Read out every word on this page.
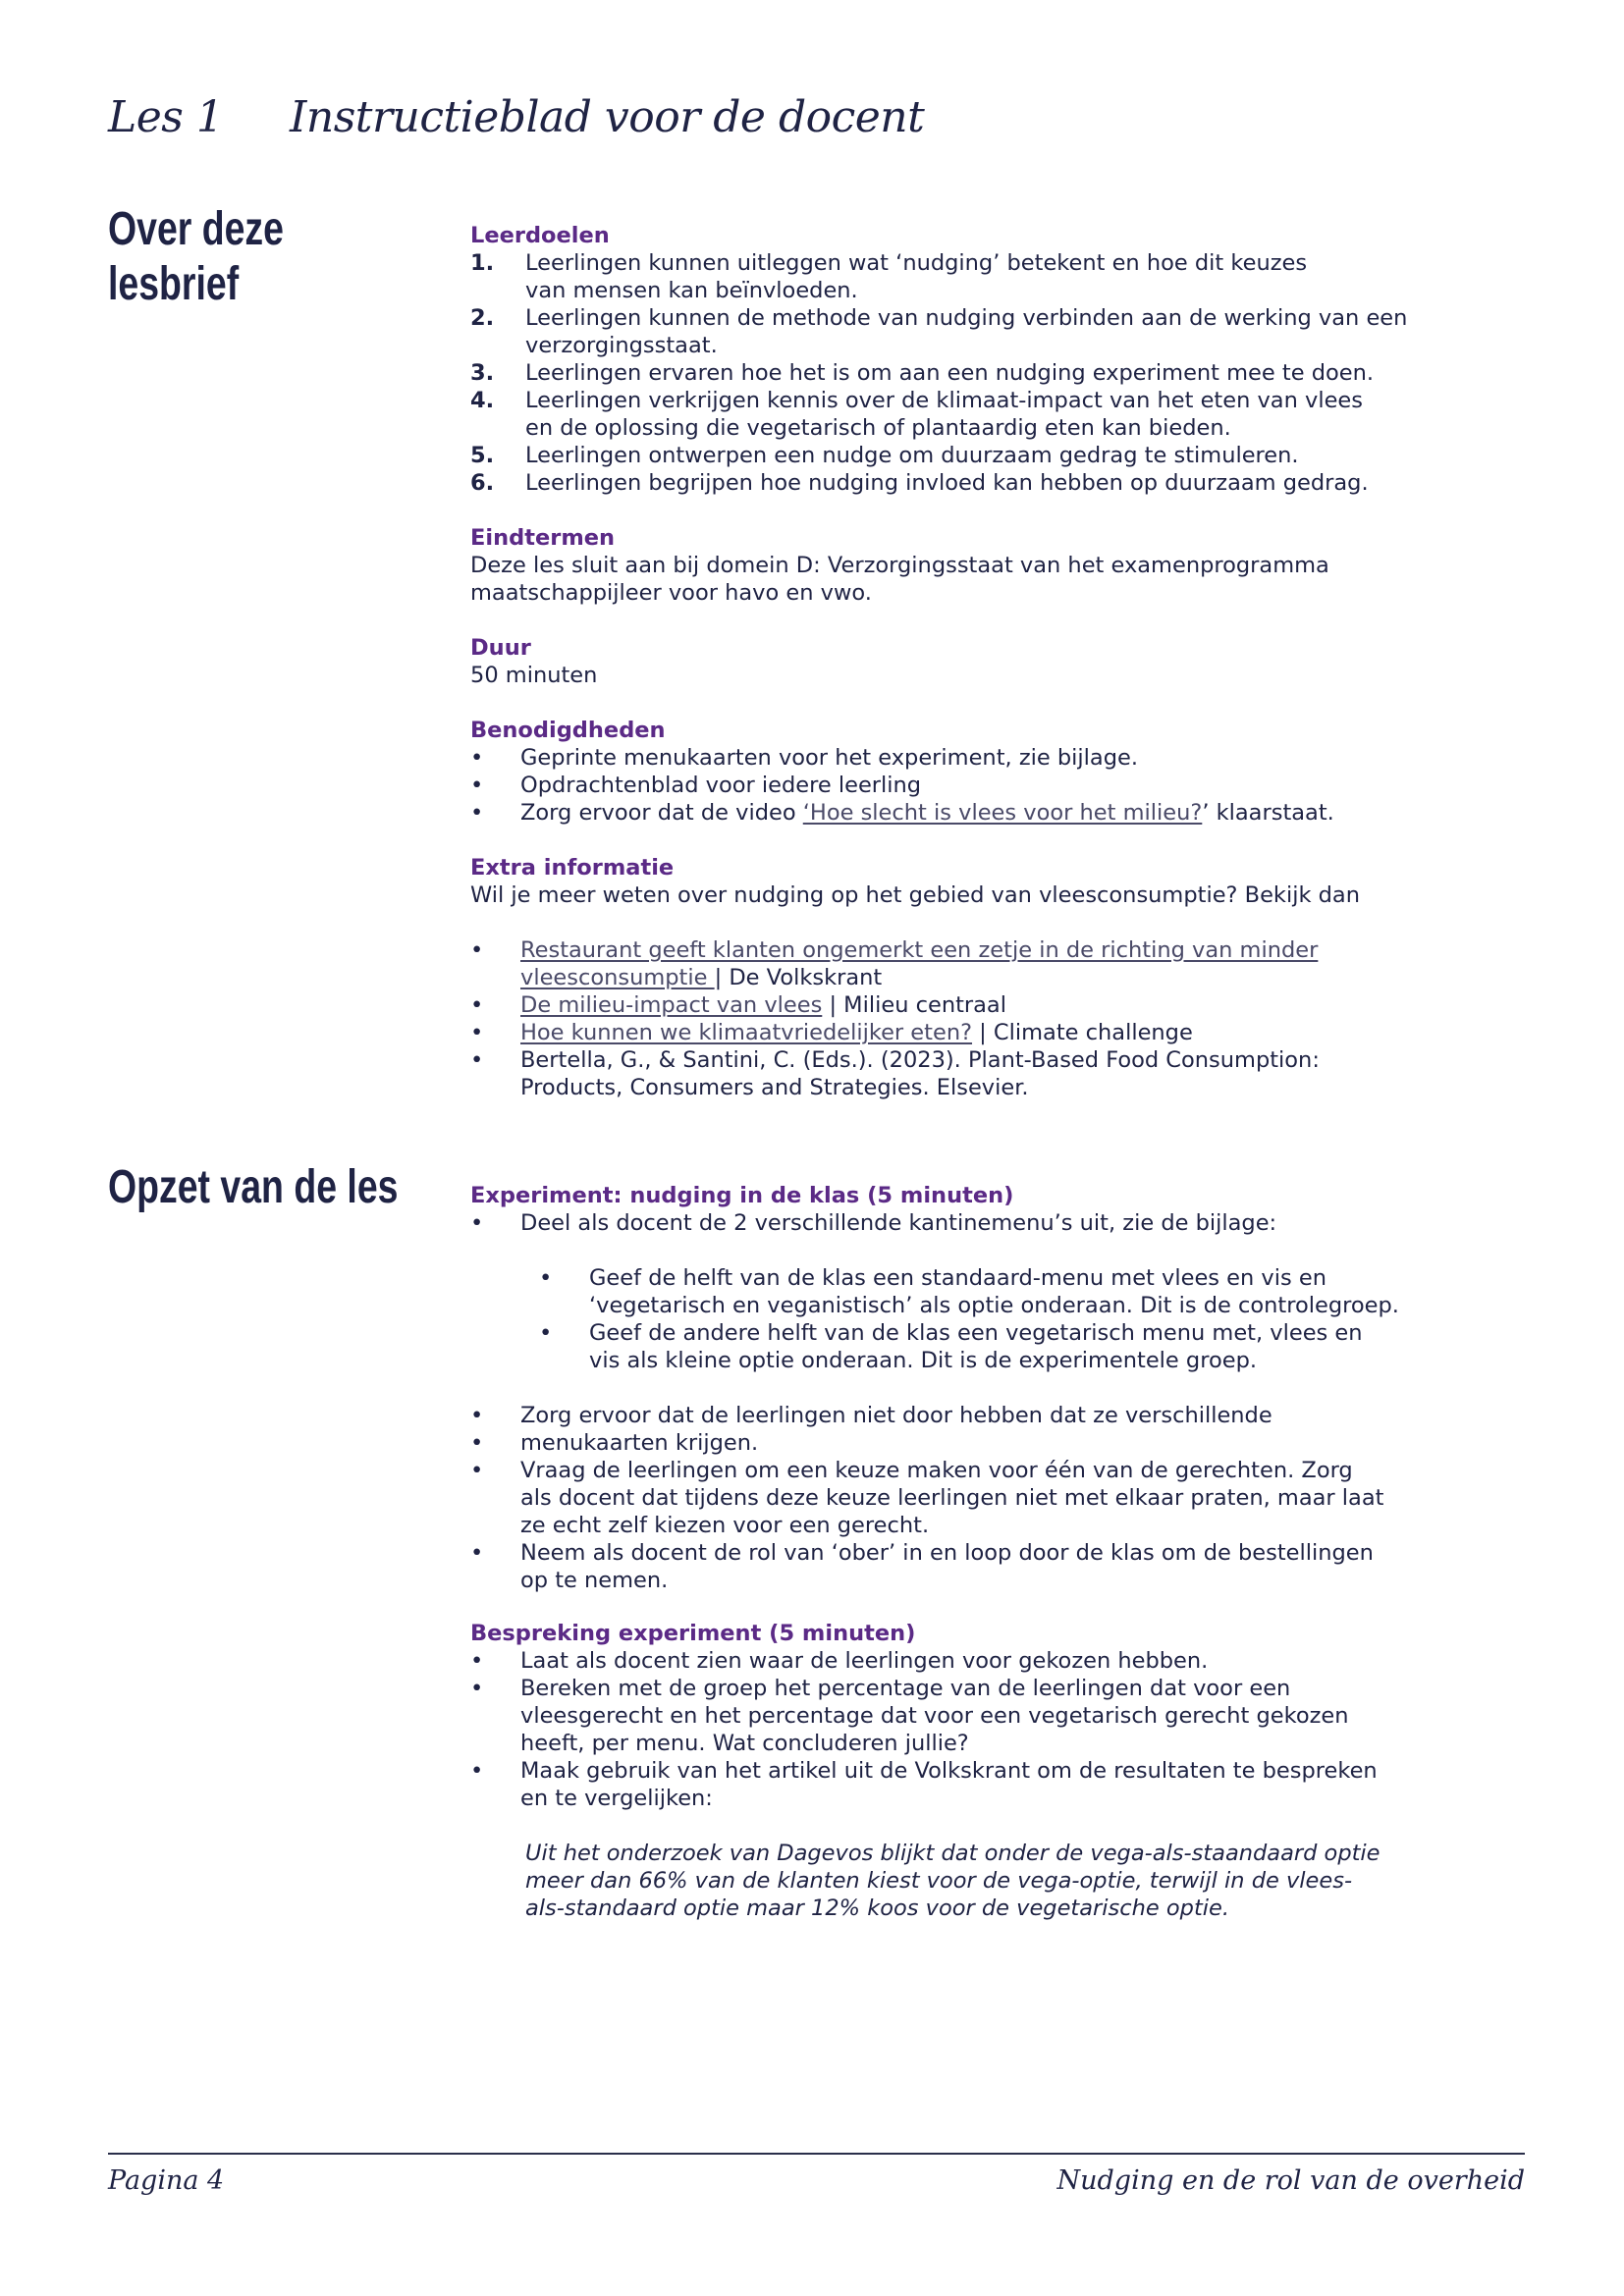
Les 1 Instructieblad voor de docent
Over deze
lesbrief
Leerdoelen
1. Leerlingen kunnen uitleggen wat ‘nudging’ betekent en hoe dit keuzes van mensen kan beïnvloeden.
2. Leerlingen kunnen de methode van nudging verbinden aan de werking van een verzorgingsstaat.
3. Leerlingen ervaren hoe het is om aan een nudging experiment mee te doen.
4. Leerlingen verkrijgen kennis over de klimaat-impact van het eten van vlees en de oplossing die vegetarisch of plantaardig eten kan bieden.
5. Leerlingen ontwerpen een nudge om duurzaam gedrag te stimuleren.
6. Leerlingen begrijpen hoe nudging invloed kan hebben op duurzaam gedrag.
Eindtermen
Deze les sluit aan bij domein D: Verzorgingsstaat van het examenprogramma maatschappijleer voor havo en vwo.
Duur
50 minuten
Benodigdheden
• Geprinte menukaarten voor het experiment, zie bijlage.
• Opdrachtenblad voor iedere leerling
• Zorg ervoor dat de video ‘Hoe slecht is vlees voor het milieu?’ klaarstaat.
Extra informatie
Wil je meer weten over nudging op het gebied van vleesconsumptie? Bekijk dan
• Restaurant geeft klanten ongemerkt een zetje in de richting van minder vleesconsumptie | De Volkskrant
• De milieu-impact van vlees | Milieu centraal
• Hoe kunnen we klimaatvriedelijker eten? | Climate challenge
• Bertella, G., & Santini, C. (Eds.). (2023). Plant-Based Food Consumption: Products, Consumers and Strategies. Elsevier.
Opzet van de les	Experiment: nudging in de klas (5 minuten)
• Deel als docent de 2 verschillende kantinemenu’s uit, zie de bijlage:
• Geef de helft van de klas een standaard-menu met vlees en vis en ‘vegetarisch en veganistisch’ als optie onderaan. Dit is de controlegroep.
• Geef de andere helft van de klas een vegetarisch menu met, vlees en vis als kleine optie onderaan. Dit is de experimentele groep.
• Zorg ervoor dat de leerlingen niet door hebben dat ze verschillende
• menukaarten krijgen.
• Vraag de leerlingen om een keuze maken voor één van de gerechten. Zorg als docent dat tijdens deze keuze leerlingen niet met elkaar praten, maar laat ze echt zelf kiezen voor een gerecht.
• Neem als docent de rol van ‘ober’ in en loop door de klas om de bestellingen op te nemen.
Bespreking experiment (5 minuten)
• Laat als docent zien waar de leerlingen voor gekozen hebben.
• Bereken met de groep het percentage van de leerlingen dat voor een vleesgerecht en het percentage dat voor een vegetarisch gerecht gekozen heeft, per menu. Wat concluderen jullie?
• Maak gebruik van het artikel uit de Volkskrant om de resultaten te bespreken en te vergelijken:
Uit het onderzoek van Dagevos blijkt dat onder de vega-als-staandaard optie meer dan 66% van de klanten kiest voor de vega-optie, terwijl in de vlees-als-standaard optie maar 12% koos voor de vegetarische optie.
Pagina 4	Nudging en de rol van de overheid
